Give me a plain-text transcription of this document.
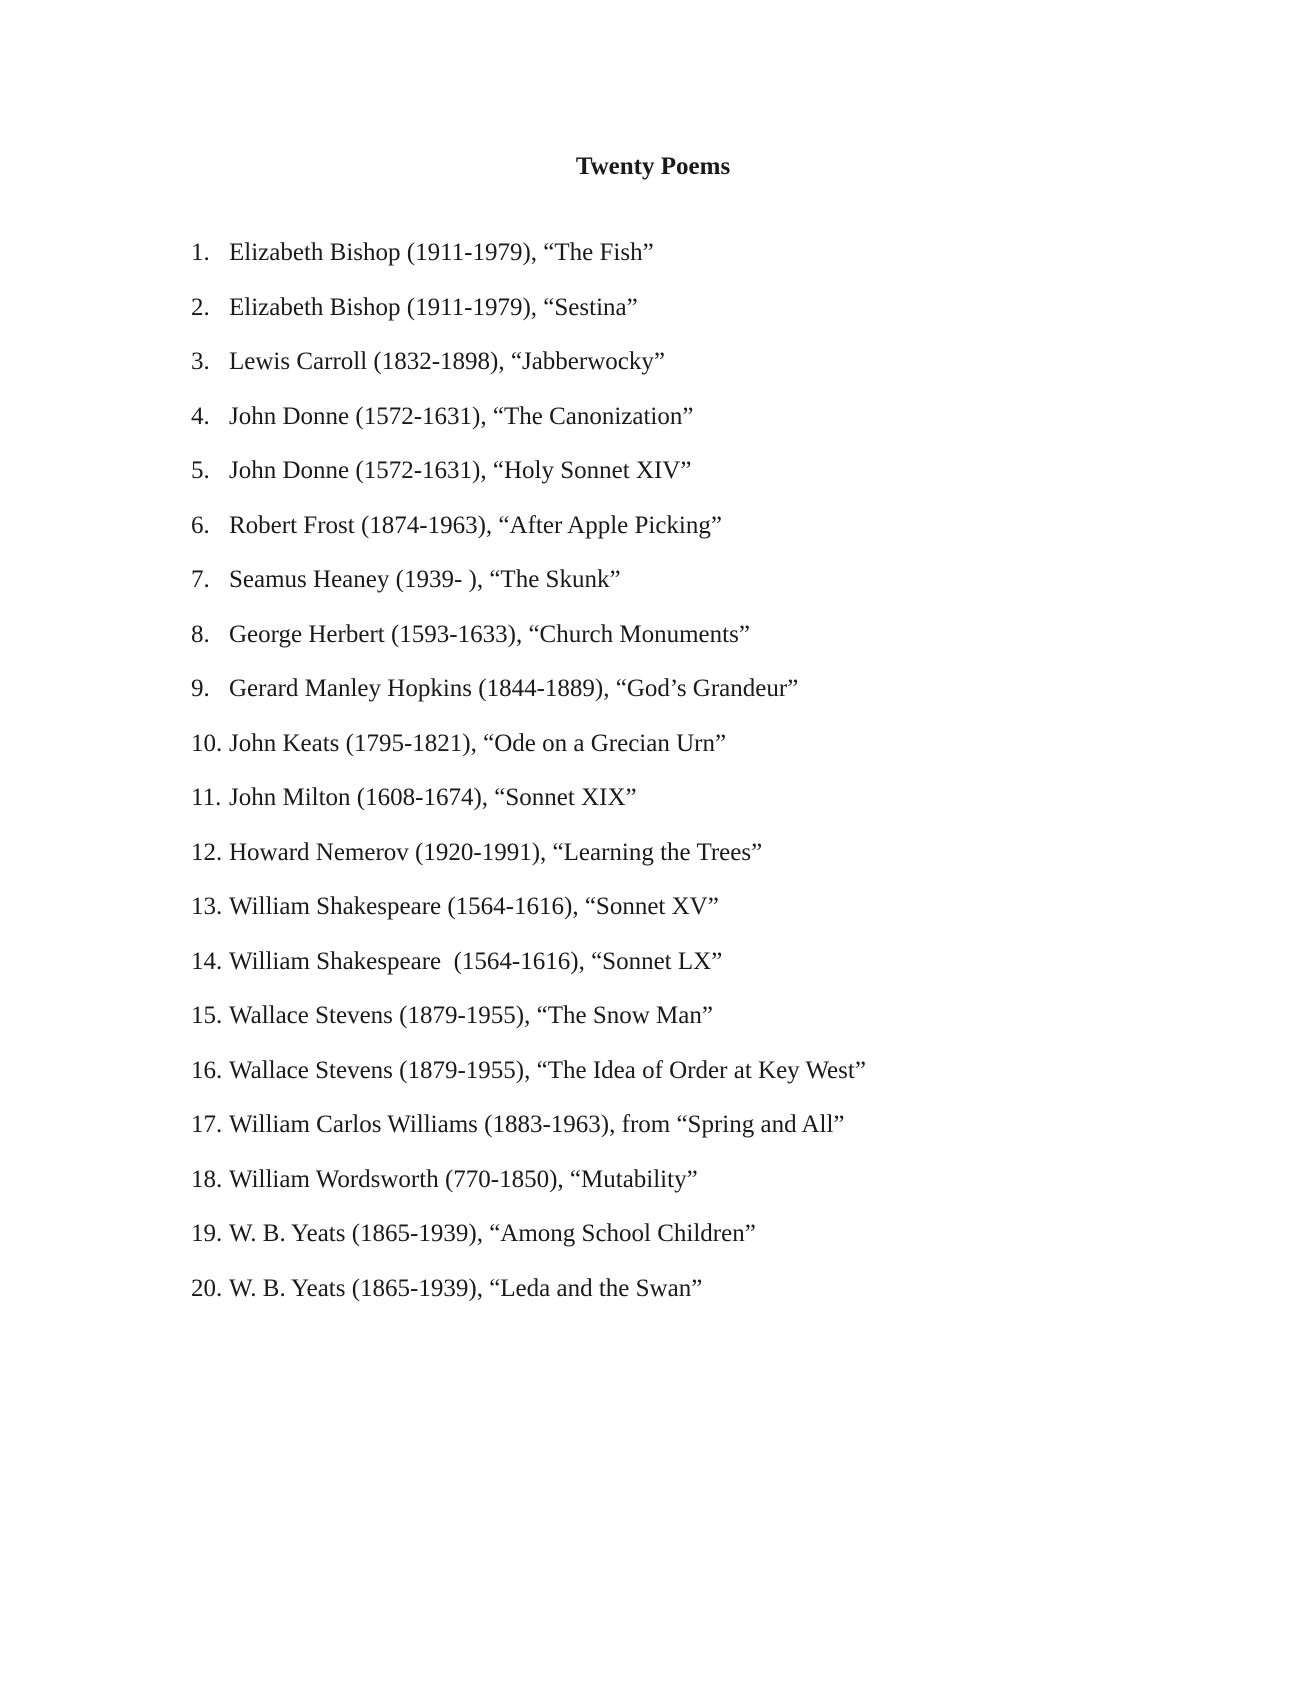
Twenty Poems
1. Elizabeth Bishop (1911-1979), “The Fish”
2. Elizabeth Bishop (1911-1979), “Sestina”
3. Lewis Carroll (1832-1898), “Jabberwocky”
4. John Donne (1572-1631), “The Canonization”
5. John Donne (1572-1631), “Holy Sonnet XIV”
6. Robert Frost (1874-1963), “After Apple Picking”
7. Seamus Heaney (1939- ), “The Skunk”
8. George Herbert (1593-1633), “Church Monuments”
9. Gerard Manley Hopkins (1844-1889), “God’s Grandeur”
10. John Keats (1795-1821), “Ode on a Grecian Urn”
11. John Milton (1608-1674), “Sonnet XIX”
12. Howard Nemerov (1920-1991), “Learning the Trees”
13. William Shakespeare (1564-1616), “Sonnet XV”
14. William Shakespeare  (1564-1616), “Sonnet LX”
15. Wallace Stevens (1879-1955), “The Snow Man”
16. Wallace Stevens (1879-1955), “The Idea of Order at Key West”
17. William Carlos Williams (1883-1963), from “Spring and All”
18. William Wordsworth (770-1850), “Mutability”
19. W. B. Yeats (1865-1939), “Among School Children”
20. W. B. Yeats (1865-1939), “Leda and the Swan”
